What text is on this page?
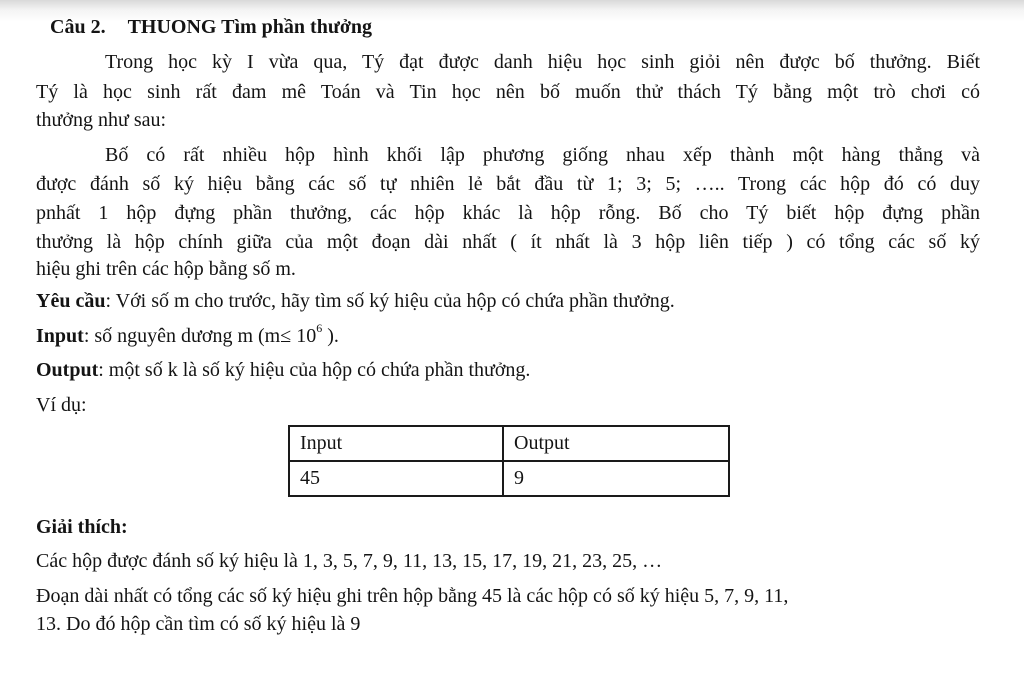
Câu 2. THUONG Tìm phần thưởng
Trong học kỳ I vừa qua, Tý đạt được danh hiệu học sinh giỏi nên được bố thưởng. Biết
Tý là học sinh rất đam mê Toán và Tin học nên bố muốn thử thách Tý bằng một trò chơi có
thưởng như sau:
Bố có rất nhiều hộp hình khối lập phương giống nhau xếp thành một hàng thẳng và
được đánh số ký hiệu bằng các số tự nhiên lẻ bắt đầu từ 1; 3; 5; ….. Trong các hộp đó có duy
pnhất 1 hộp đựng phần thưởng, các hộp khác là hộp rỗng. Bố cho Tý biết hộp đựng phần
thưởng là hộp chính giữa của một đoạn dài nhất ( ít nhất là 3 hộp liên tiếp ) có tổng các số ký
hiệu ghi trên các hộp bằng số m.
Yêu cầu: Với số m cho trước, hãy tìm số ký hiệu của hộp có chứa phần thưởng.
Input: số nguyên dương m ($m\le 10^6$ ).
Output: một số k là số ký hiệu của hộp có chứa phần thưởng.
Ví dụ:
Input	Output
45	9
Giải thích:
Các hộp được đánh số ký hiệu là 1, 3, 5, 7, 9, 11, 13, 15, 17, 19, 21, 23, 25, …
Đoạn dài nhất có tổng các số ký hiệu ghi trên hộp bằng 45 là các hộp có số ký hiệu 5, 7, 9, 11,
13. Do đó hộp cần tìm có số ký hiệu là 9
